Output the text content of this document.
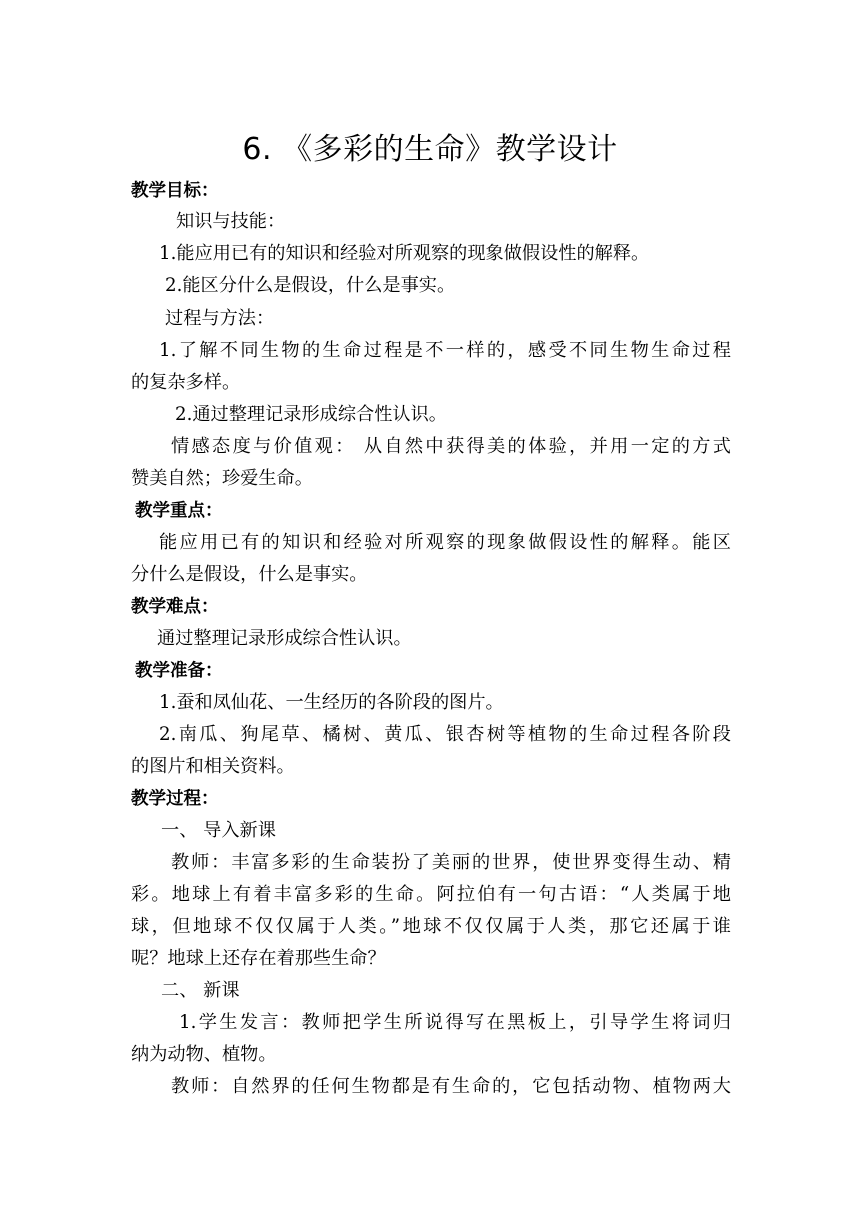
6. 《多彩的生命》教学设计
教学目标：
知识与技能：
1.能应用已有的知识和经验对所观察的现象做假设性的解释。
2.能区分什么是假设，什么是事实。
过程与方法：
1.了解不同生物的生命过程是不一样的，感受不同生物生命过程
的复杂多样。
2.通过整理记录形成综合性认识。
情感态度与价值观： 从自然中获得美的体验，并用一定的方式
赞美自然；珍爱生命。
教学重点：
能应用已有的知识和经验对所观察的现象做假设性的解释。能区
分什么是假设，什么是事实。
教学难点：
通过整理记录形成综合性认识。
教学准备：
1.蚕和凤仙花、一生经历的各阶段的图片。
2.南瓜、狗尾草、橘树、黄瓜、银杏树等植物的生命过程各阶段
的图片和相关资料。
教学过程：
一、 导入新课
教师：丰富多彩的生命装扮了美丽的世界，使世界变得生动、精
彩。地球上有着丰富多彩的生命。阿拉伯有一句古语：“人类属于地
球，但地球不仅仅属于人类。”地球不仅仅属于人类，那它还属于谁
呢？地球上还存在着那些生命？
二、 新课
1.学生发言：教师把学生所说得写在黑板上，引导学生将词归
纳为动物、植物。
教师：自然界的任何生物都是有生命的，它包括动物、植物两大
